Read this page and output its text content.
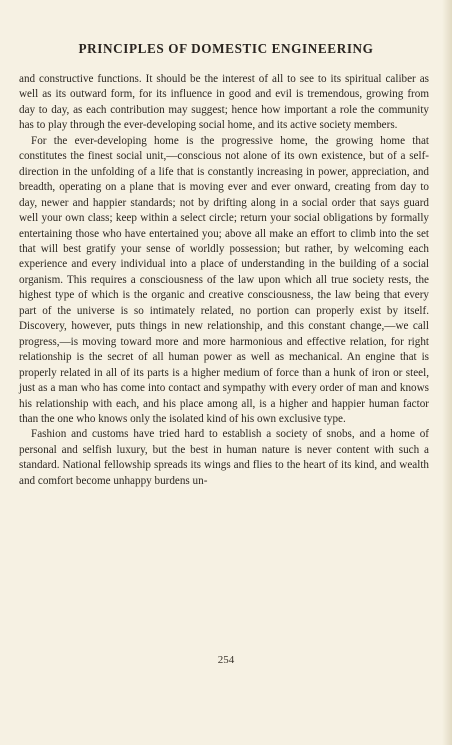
PRINCIPLES OF DOMESTIC ENGINEERING

and constructive functions. It should be the interest of all to see to its spiritual caliber as well as its outward form, for its influence in good and evil is tremendous, growing from day to day, as each contribution may suggest; hence how important a role the community has to play through the ever-developing social home, and its active society members.

For the ever-developing home is the progressive home, the growing home that constitutes the finest social unit,—conscious not alone of its own existence, but of a self-direction in the unfolding of a life that is constantly increasing in power, appreciation, and breadth, operating on a plane that is moving ever and ever onward, creating from day to day, newer and happier standards; not by drifting along in a social order that says guard well your own class; keep within a select circle; return your social obligations by formally entertaining those who have entertained you; above all make an effort to climb into the set that will best gratify your sense of worldly possession; but rather, by welcoming each experience and every individual into a place of understanding in the building of a social organism. This requires a consciousness of the law upon which all true society rests, the highest type of which is the organic and creative consciousness, the law being that every part of the universe is so intimately related, no portion can properly exist by itself. Discovery, however, puts things in new relationship, and this constant change,—we call progress,—is moving toward more and more harmonious and effective relation, for right relationship is the secret of all human power as well as mechanical. An engine that is properly related in all of its parts is a higher medium of force than a hunk of iron or steel, just as a man who has come into contact and sympathy with every order of man and knows his relationship with each, and his place among all, is a higher and happier human factor than the one who knows only the isolated kind of his own exclusive type.

Fashion and customs have tried hard to establish a society of snobs, and a home of personal and selfish luxury, but the best in human nature is never content with such a standard. National fellowship spreads its wings and flies to the heart of its kind, and wealth and comfort become unhappy burdens un-

254
